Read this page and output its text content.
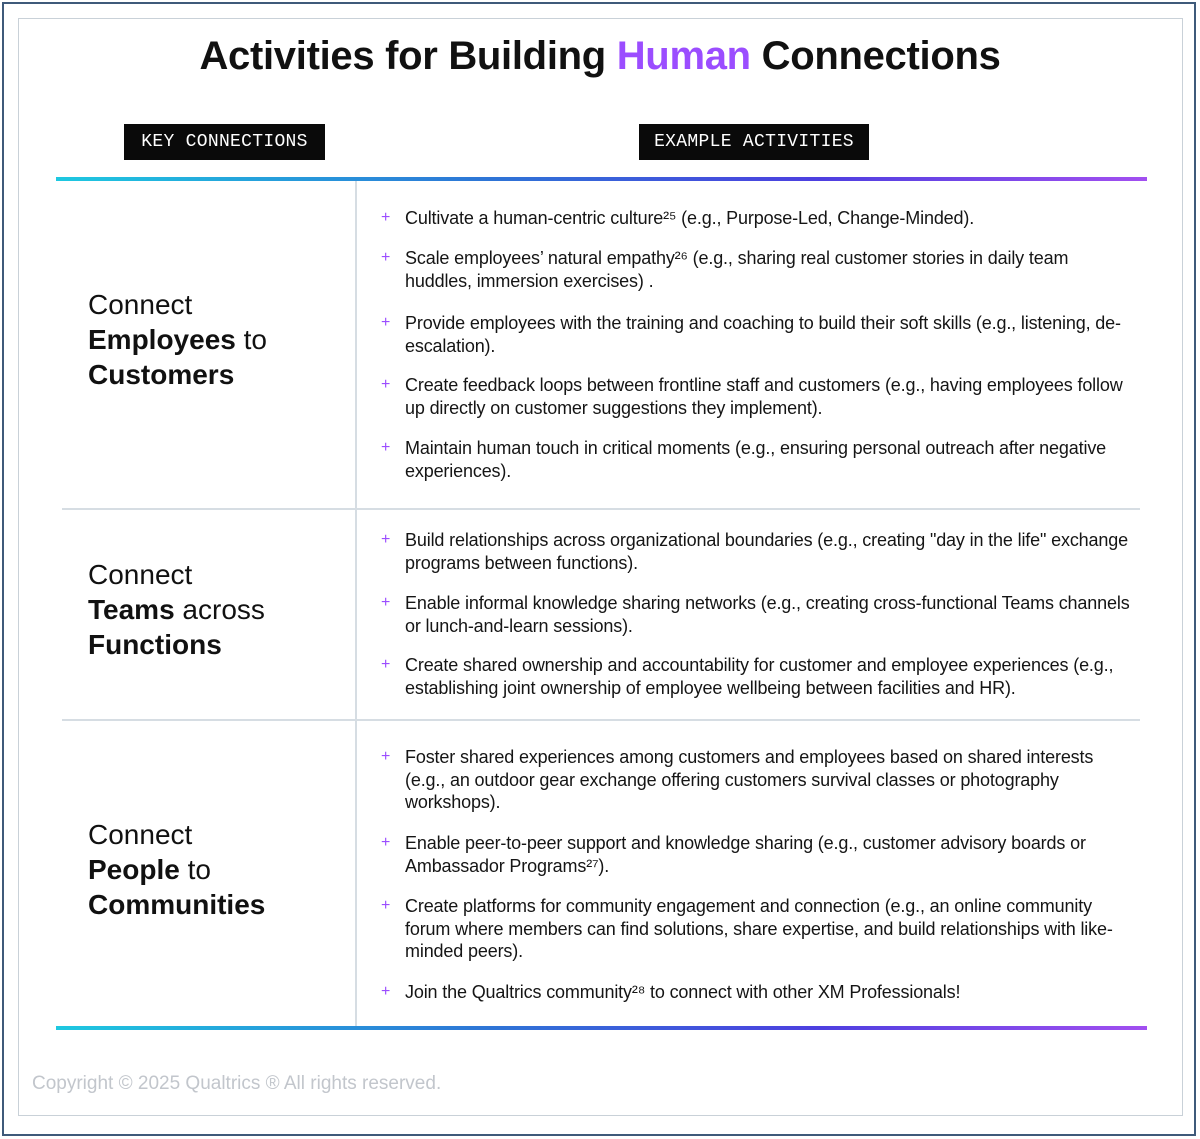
Activities for Building Human Connections
KEY CONNECTIONS	EXAMPLE ACTIVITIES
Connect
Employees to
Customers
+ Cultivate a human-centric culture²⁵ (e.g., Purpose-Led, Change-Minded).
+ Scale employees’ natural empathy²⁶ (e.g., sharing real customer stories in daily team huddles, immersion exercises) .
+ Provide employees with the training and coaching to build their soft skills (e.g., listening, de-escalation).
+ Create feedback loops between frontline staff and customers (e.g., having employees follow up directly on customer suggestions they implement).
+ Maintain human touch in critical moments (e.g., ensuring personal outreach after negative experiences).
Connect
Teams across
Functions
+ Build relationships across organizational boundaries (e.g., creating "day in the life" exchange programs between functions).
+ Enable informal knowledge sharing networks (e.g., creating cross-functional Teams channels or lunch-and-learn sessions).
+ Create shared ownership and accountability for customer and employee experiences (e.g., establishing joint ownership of employee wellbeing between facilities and HR).
Connect
People to
Communities
+ Foster shared experiences among customers and employees based on shared interests (e.g., an outdoor gear exchange offering customers survival classes or photography workshops).
+ Enable peer-to-peer support and knowledge sharing (e.g., customer advisory boards or Ambassador Programs²⁷).
+ Create platforms for community engagement and connection (e.g., an online community forum where members can find solutions, share expertise, and build relationships with like-minded peers).
+ Join the Qualtrics community²⁸ to connect with other XM Professionals!
Copyright © 2025 Qualtrics ® All rights reserved.
